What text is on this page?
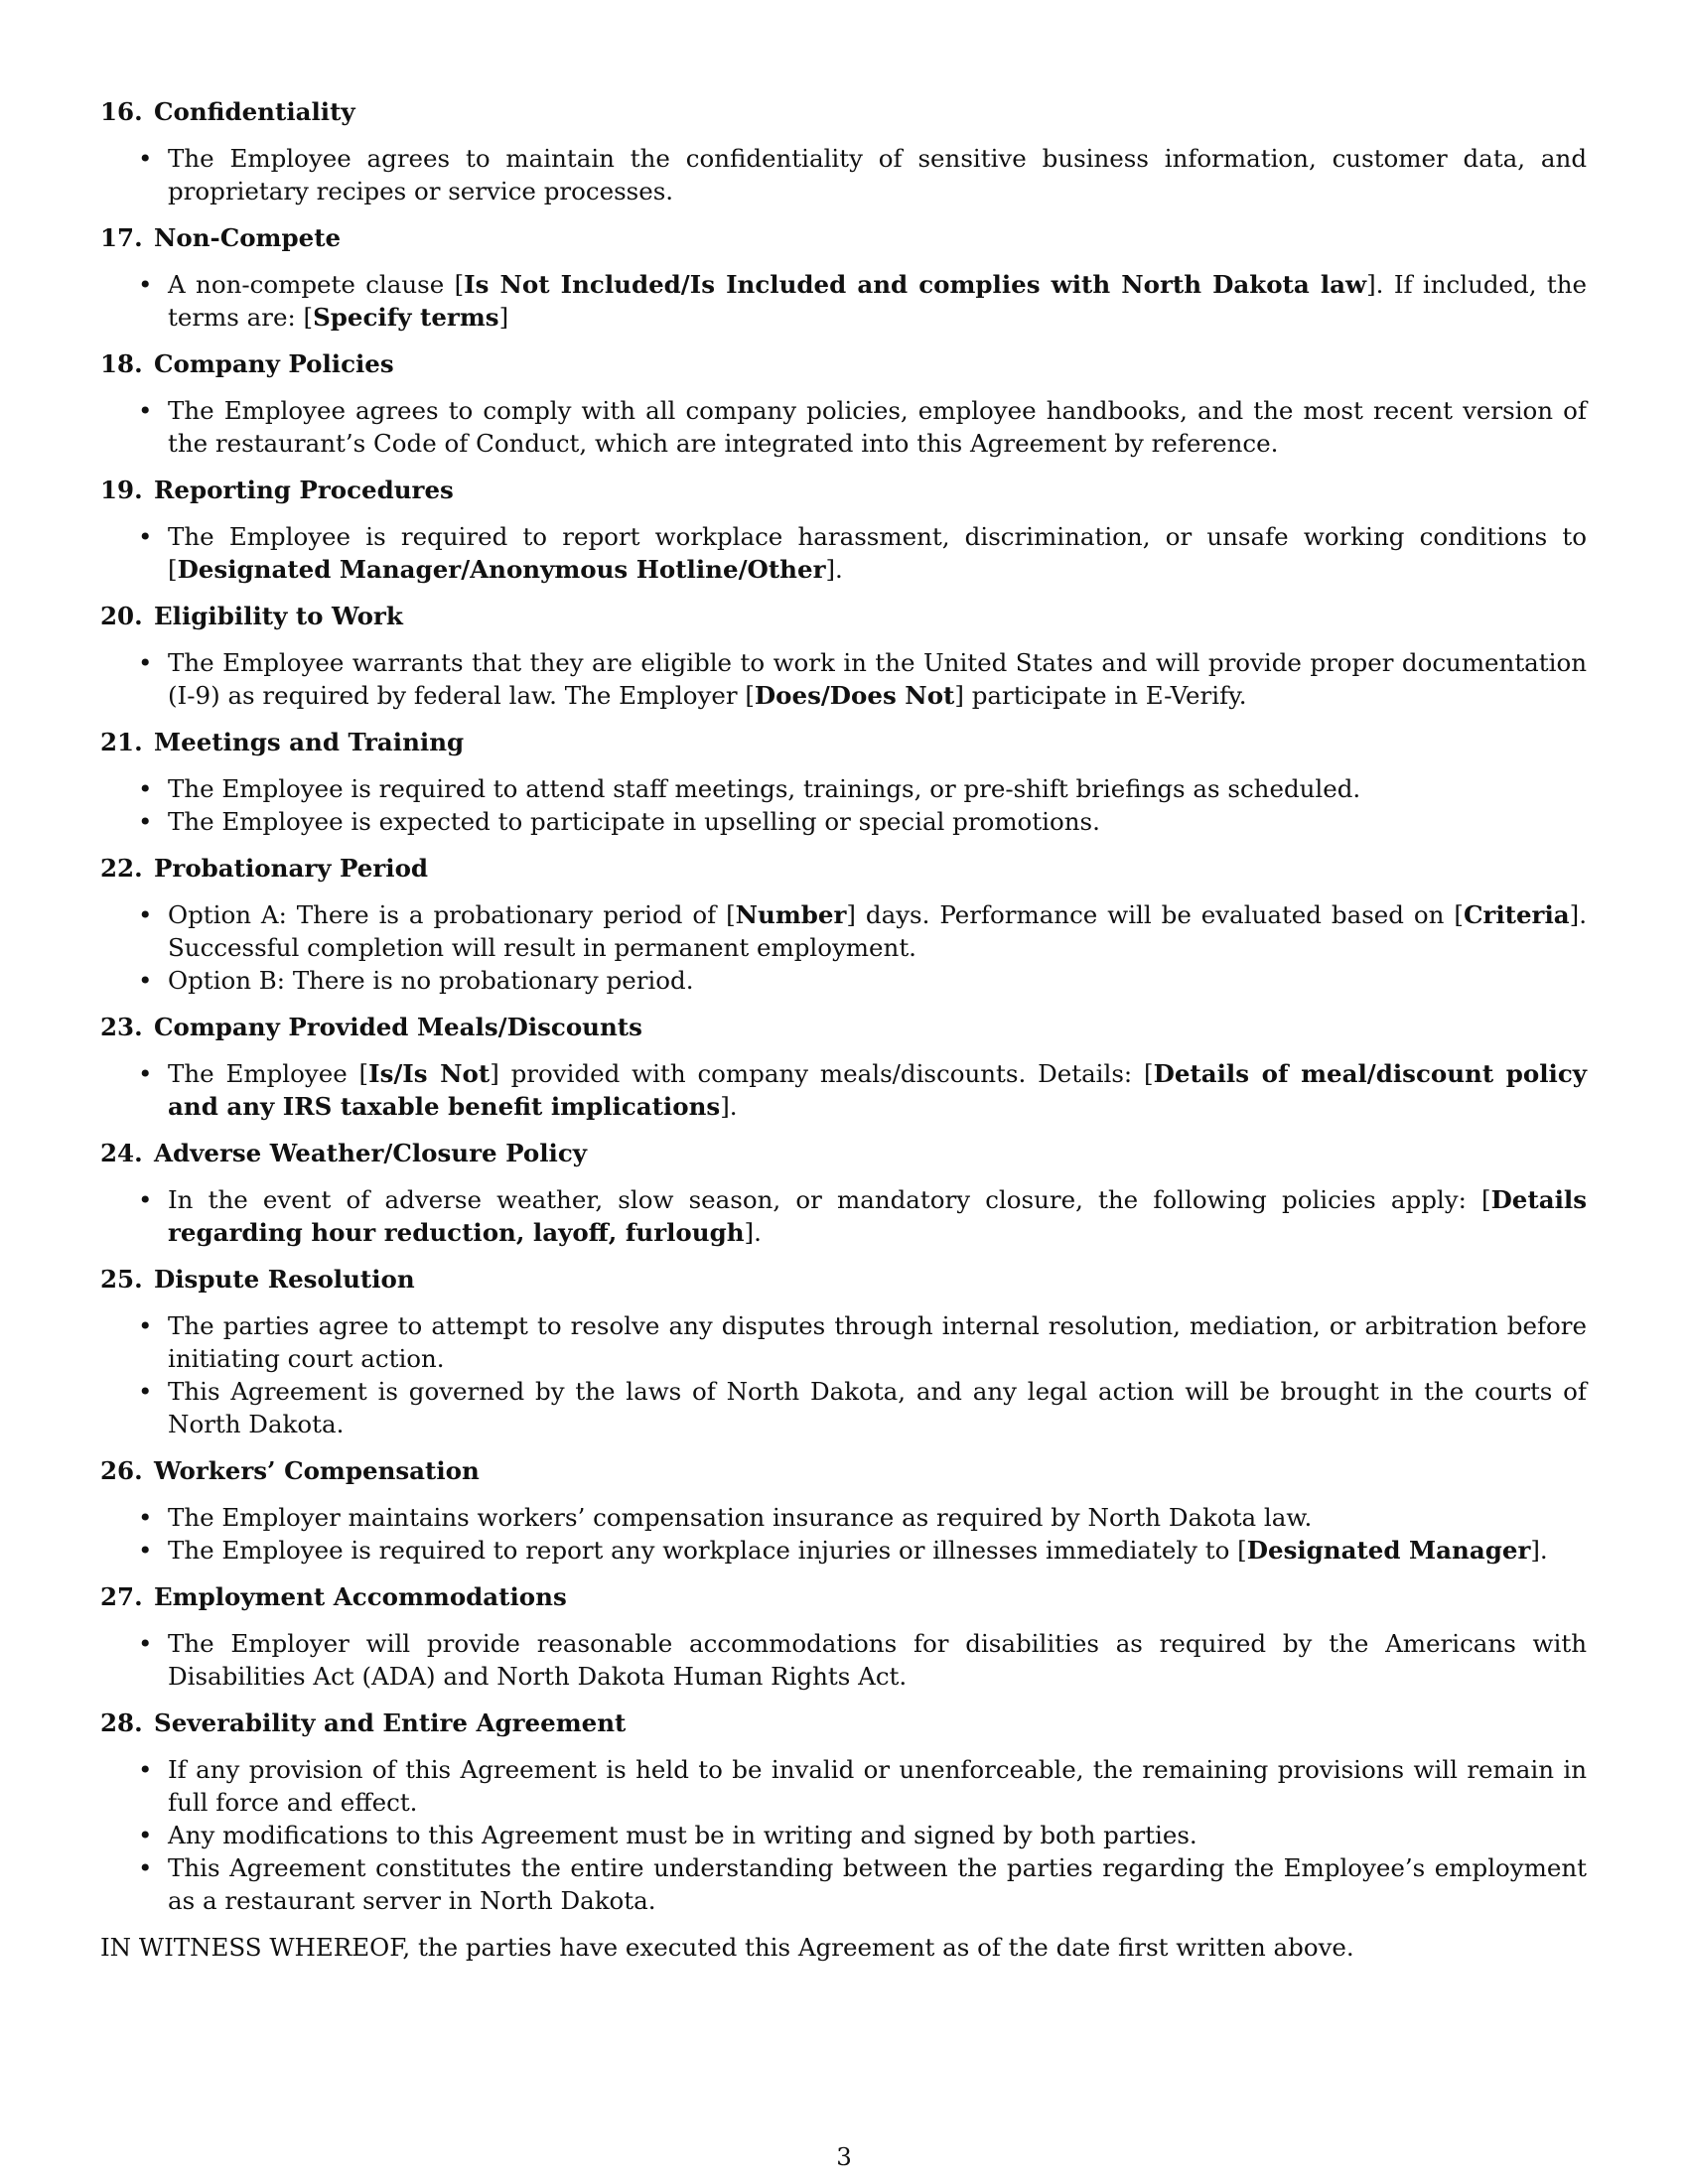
16. Confidentiality
• The Employee agrees to maintain the confidentiality of sensitive business information, customer data, and proprietary recipes or service processes.
17. Non-Compete
• A non-compete clause [Is Not Included/Is Included and complies with North Dakota law]. If included, the terms are: [Specify terms]
18. Company Policies
• The Employee agrees to comply with all company policies, employee handbooks, and the most recent version of the restaurant’s Code of Conduct, which are integrated into this Agreement by reference.
19. Reporting Procedures
• The Employee is required to report workplace harassment, discrimination, or unsafe working conditions to [Designated Manager/Anonymous Hotline/Other].
20. Eligibility to Work
• The Employee warrants that they are eligible to work in the United States and will provide proper documentation (I-9) as required by federal law. The Employer [Does/Does Not] participate in E-Verify.
21. Meetings and Training
• The Employee is required to attend staff meetings, trainings, or pre-shift briefings as scheduled.
• The Employee is expected to participate in upselling or special promotions.
22. Probationary Period
• Option A: There is a probationary period of [Number] days. Performance will be evaluated based on [Criteria]. Successful completion will result in permanent employment.
• Option B: There is no probationary period.
23. Company Provided Meals/Discounts
• The Employee [Is/Is Not] provided with company meals/discounts. Details: [Details of meal/discount policy and any IRS taxable benefit implications].
24. Adverse Weather/Closure Policy
• In the event of adverse weather, slow season, or mandatory closure, the following policies apply: [Details regarding hour reduction, layoff, furlough].
25. Dispute Resolution
• The parties agree to attempt to resolve any disputes through internal resolution, mediation, or arbitration before initiating court action.
• This Agreement is governed by the laws of North Dakota, and any legal action will be brought in the courts of North Dakota.
26. Workers’ Compensation
• The Employer maintains workers’ compensation insurance as required by North Dakota law.
• The Employee is required to report any workplace injuries or illnesses immediately to [Designated Manager].
27. Employment Accommodations
• The Employer will provide reasonable accommodations for disabilities as required by the Americans with Disabilities Act (ADA) and North Dakota Human Rights Act.
28. Severability and Entire Agreement
• If any provision of this Agreement is held to be invalid or unenforceable, the remaining provisions will remain in full force and effect.
• Any modifications to this Agreement must be in writing and signed by both parties.
• This Agreement constitutes the entire understanding between the parties regarding the Employee’s employment as a restaurant server in North Dakota.

IN WITNESS WHEREOF, the parties have executed this Agreement as of the date first written above.

3
